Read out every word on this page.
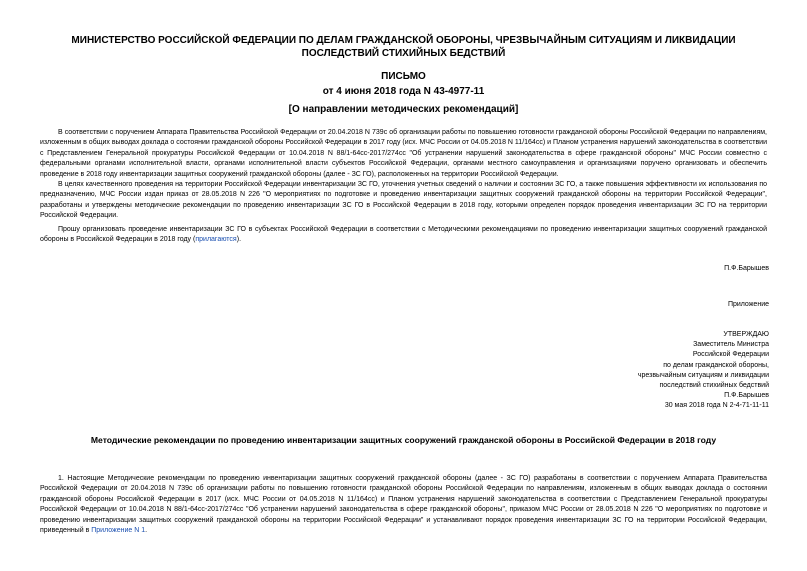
МИНИСТЕРСТВО РОССИЙСКОЙ ФЕДЕРАЦИИ ПО ДЕЛАМ ГРАЖДАНСКОЙ ОБОРОНЫ, ЧРЕЗВЫЧАЙНЫМ СИТУАЦИЯМ И ЛИКВИДАЦИИ ПОСЛЕДСТВИЙ СТИХИЙНЫХ БЕДСТВИЙ
ПИСЬМО
от 4 июня 2018 года N 43-4977-11
[О направлении методических рекомендаций]

В соответствии с поручением Аппарата Правительства Российской Федерации от 20.04.2018 N 739с об организации работы по повышению готовности гражданской обороны Российской Федерации по направлениям, изложенным в общих выводах доклада о состоянии гражданской обороны Российской Федерации в 2017 году (исх. МЧС России от 04.05.2018 N 11/164сс) и Планом устранения нарушений законодательства в соответствии с Представлением Генеральной прокуратуры Российской Федерации от 10.04.2018 N 88/1-64сс-2017/274сс "Об устранении нарушений законодательства в сфере гражданской обороны" МЧС России совместно с федеральными органами исполнительной власти, органами исполнительной власти субъектов Российской Федерации, органами местного самоуправления и организациями поручено организовать и обеспечить проведение в 2018 году инвентаризации защитных сооружений гражданской обороны (далее - ЗС ГО), расположенных на территории Российской Федерации.

В целях качественного проведения на территории Российской Федерации инвентаризации ЗС ГО, уточнения учетных сведений о наличии и состоянии ЗС ГО, а также повышения эффективности их использования по предназначению, МЧС России издан приказ от 28.05.2018 N 226 "О мероприятиях по подготовке и проведению инвентаризации защитных сооружений гражданской обороны на территории Российской Федерации", разработаны и утверждены методические рекомендации по проведению инвентаризации ЗС ГО в Российской Федерации в 2018 году, которыми определен порядок проведения инвентаризации ЗС ГО на территории Российской Федерации.

Прошу организовать проведение инвентаризации ЗС ГО в субъектах Российской Федерации в соответствии с Методическими рекомендациями по проведению инвентаризации защитных сооружений гражданской обороны в Российской Федерации в 2018 году (прилагаются).

П.Ф.Барышев
Приложение
УТВЕРЖДАЮ
Заместитель Министра
Российской Федерации
по делам гражданской обороны,
чрезвычайным ситуациям и ликвидации
последствий стихийных бедствий
П.Ф.Барышев
30 мая 2018 года N 2-4-71-11-11
Методические рекомендации по проведению инвентаризации защитных сооружений гражданской обороны в Российской Федерации в 2018 году

1. Настоящие Методические рекомендации по проведению инвентаризации защитных сооружений гражданской обороны (далее - ЗС ГО) разработаны в соответствии с поручением Аппарата Правительства Российской Федерации от 20.04.2018 N 739с об организации работы по повышению готовности гражданской обороны Российской Федерации по направлениям, изложенным в общих выводах доклада о состоянии гражданской обороны Российской Федерации в 2017 (исх. МЧС России от 04.05.2018 N 11/164сс) и Планом устранения нарушений законодательства в соответствии с Представлением Генеральной прокуратуры Российской Федерации от 10.04.2018 N 88/1-64сс-2017/274сс "Об устранении нарушений законодательства в сфере гражданской обороны", приказом МЧС России от 28.05.2018 N 226 "О мероприятиях по подготовке и проведению инвентаризации защитных сооружений гражданской обороны на территории Российской Федерации" и устанавливают порядок проведения инвентаризации ЗС ГО на территории Российской Федерации, приведенный в Приложение N 1.
